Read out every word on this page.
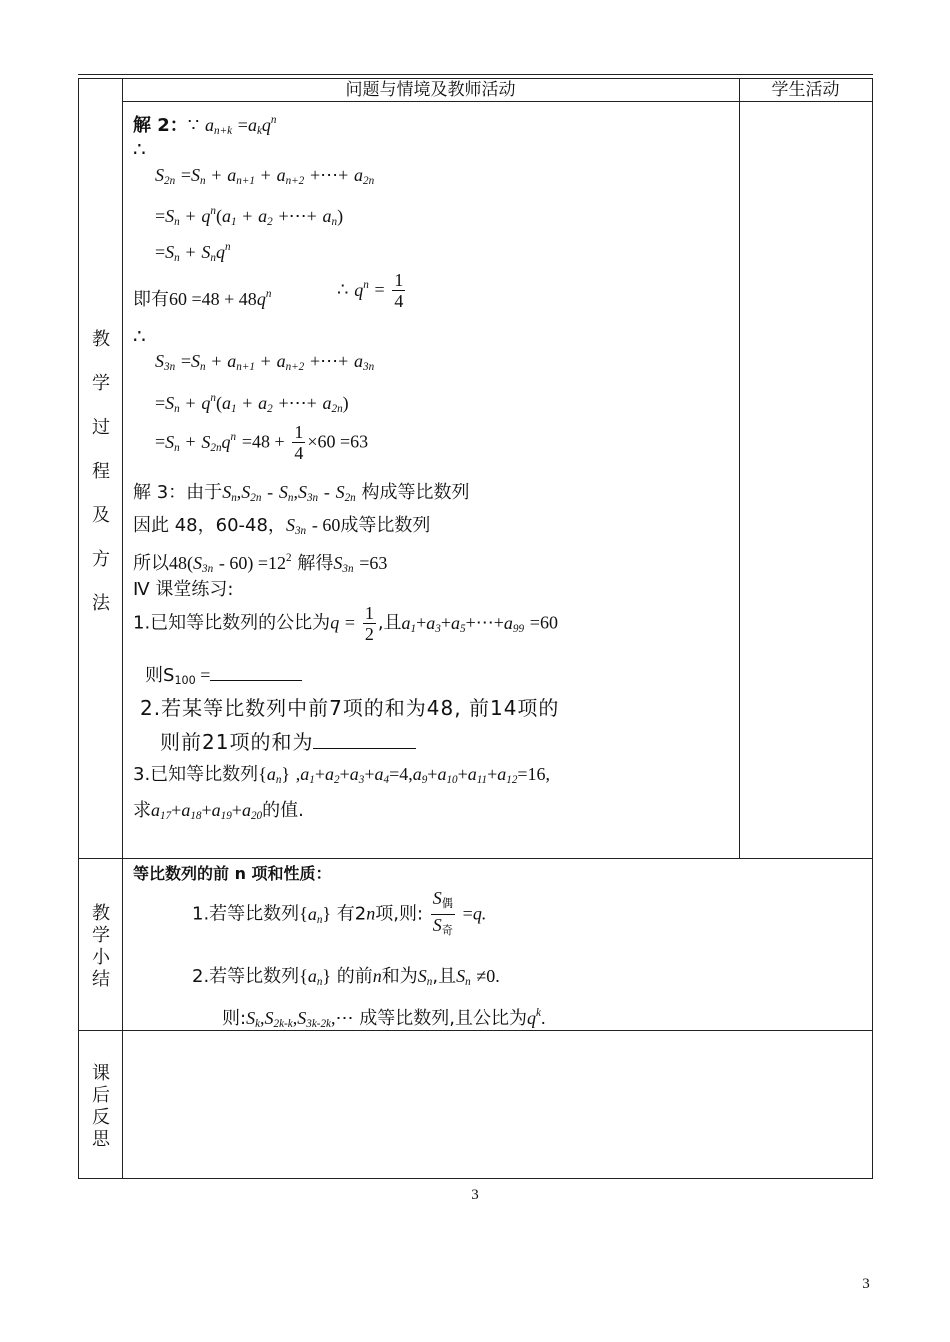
问题与情境及教师活动	学生活动
教
学
过
程
及
方
法
教
学
小
结
课
后
反
思
解 2：∵ $a_{n+k} =a_kq^n$
∴
$S_{2n} =S_n + a_{n+1} + a_{n+2}$ +⋯+ $a_{2n}$
$=S_n + q^n(a_1 + a_2$ +⋯+ $a_n$)
$=S_n + S_nq^n$
即有$60 =48 + 48q^n$	∴ $q^n = \frac{1}{4}$
∴
$S_{3n} =S_n + a_{n+1} + a_{n+2}$ +⋯+ $a_{3n}$
$=S_n + q^n(a_1 + a_2$ +⋯+ $a_{2n}$)
$=S_n + S_{2n}q^n =48 + \frac{1}{4} \times 60 =63$
解 3：由于$S_n,S_{2n} - S_n,S_{3n} - S_{2n}$ 构成等比数列
因此 48，60-48，$S_{3n} - 60$成等比数列
所以$48(S_{3n} - 60) =12^2$ 解得$S_{3n} =63$
Ⅳ 课堂练习:
1.已知等比数列的公比为$q = \frac{1}{2}$ ,且$a_1+a_3+a_5+\cdots+a_{99} =60$
则$S_{100}$ =
2.若某等比数列中前7项的和为48, 前14项的
则前21项的和为
3.已知等比数列$\{a_n\}$ $,a_1+a_2+a_3+a_4=4,a_9+a_{10}+a_{11}+a_{12}=16$,
求$a_{17}+a_{18}+a_{19}+a_{20}$的值.
等比数列的前 n 项和性质：
1.若等比数列$\{a_n\}$ 有2n项,则: $\frac{S_偶}{S_奇} =q$.
2.若等比数列$\{a_n\}$ 的前n和为$S_n$,且$S_n \ne 0$.
则$:S_k,S_{2k-k},S_{3k-2k},\cdots$ 成等比数列,且公比为$q^k$.
3
3
